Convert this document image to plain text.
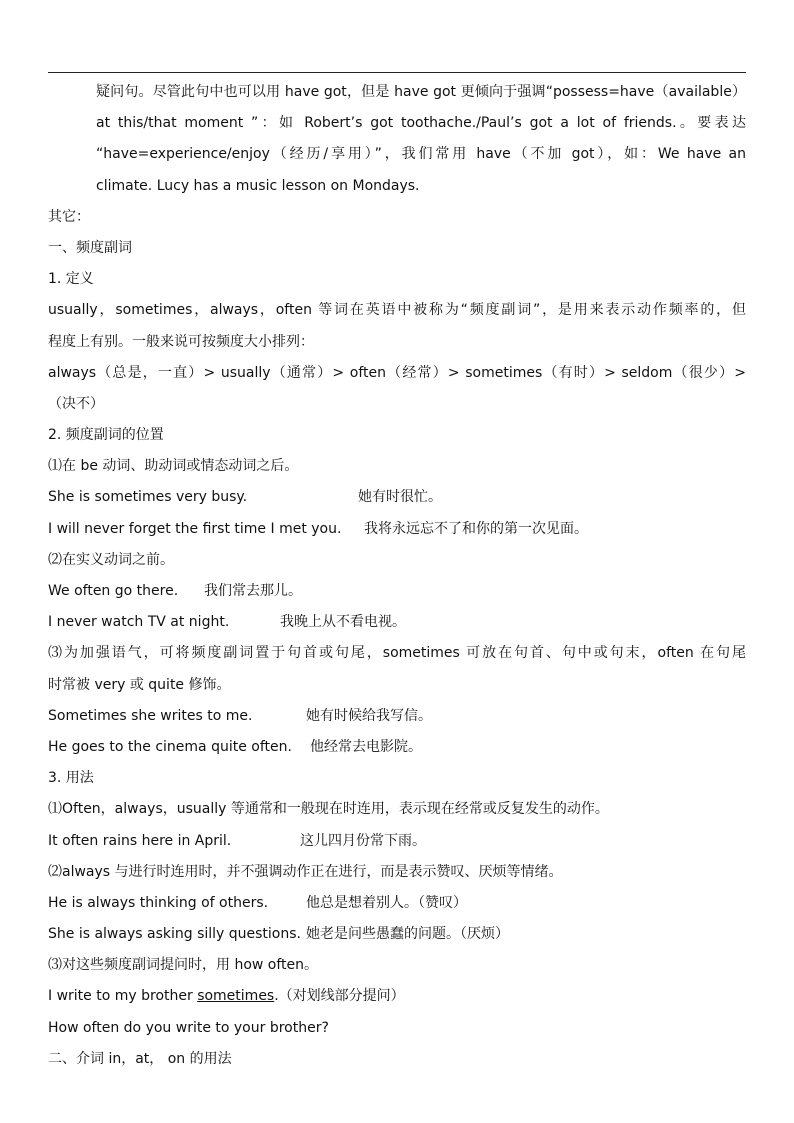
疑问句。尽管此句中也可以用 have got，但是 have got 更倾向于强调“possess=have（available）
at this/that moment ”：如 Robert’s got toothache./Paul’s got a lot of friends.。要表达
“have=experience/enjoy（经历/享用）”，我们常用 have（不加 got），如：We have an
climate. Lucy has a music lesson on Mondays.
其它：
一、频度副词
1. 定义
usually，sometimes，always，often 等词在英语中被称为“频度副词”，是用来表示动作频率的，但
程度上有别。一般来说可按频度大小排列：
always（总是，一直）> usually（通常）> often（经常）> sometimes（有时）> seldom（很少）>
（决不）
2. 频度副词的位置
⑴在 be 动词、助动词或情态动词之后。
She is sometimes very busy.	她有时很忙。
I will never forget the first time I met you. 我将永远忘不了和你的第一次见面。
⑵在实义动词之前。
We often go there. 我们常去那儿。
I never watch TV at night.	我晚上从不看电视。
⑶为加强语气，可将频度副词置于句首或句尾，sometimes 可放在句首、句中或句末，often 在句尾
时常被 very 或 quite 修饰。
Sometimes she writes to me.	她有时候给我写信。
He goes to the cinema quite often. 他经常去电影院。
3. 用法
⑴Often，always，usually 等通常和一般现在时连用，表示现在经常或反复发生的动作。
It often rains here in April.	这儿四月份常下雨。
⑵always 与进行时连用时，并不强调动作正在进行，而是表示赞叹、厌烦等情绪。
He is always thinking of others.	他总是想着别人。（赞叹）
She is always asking silly questions. 她老是问些愚蠢的问题。（厌烦）
⑶对这些频度副词提问时，用 how often。
I write to my brother sometimes.（对划线部分提问）
How often do you write to your brother?
二、介词 in，at， on 的用法
